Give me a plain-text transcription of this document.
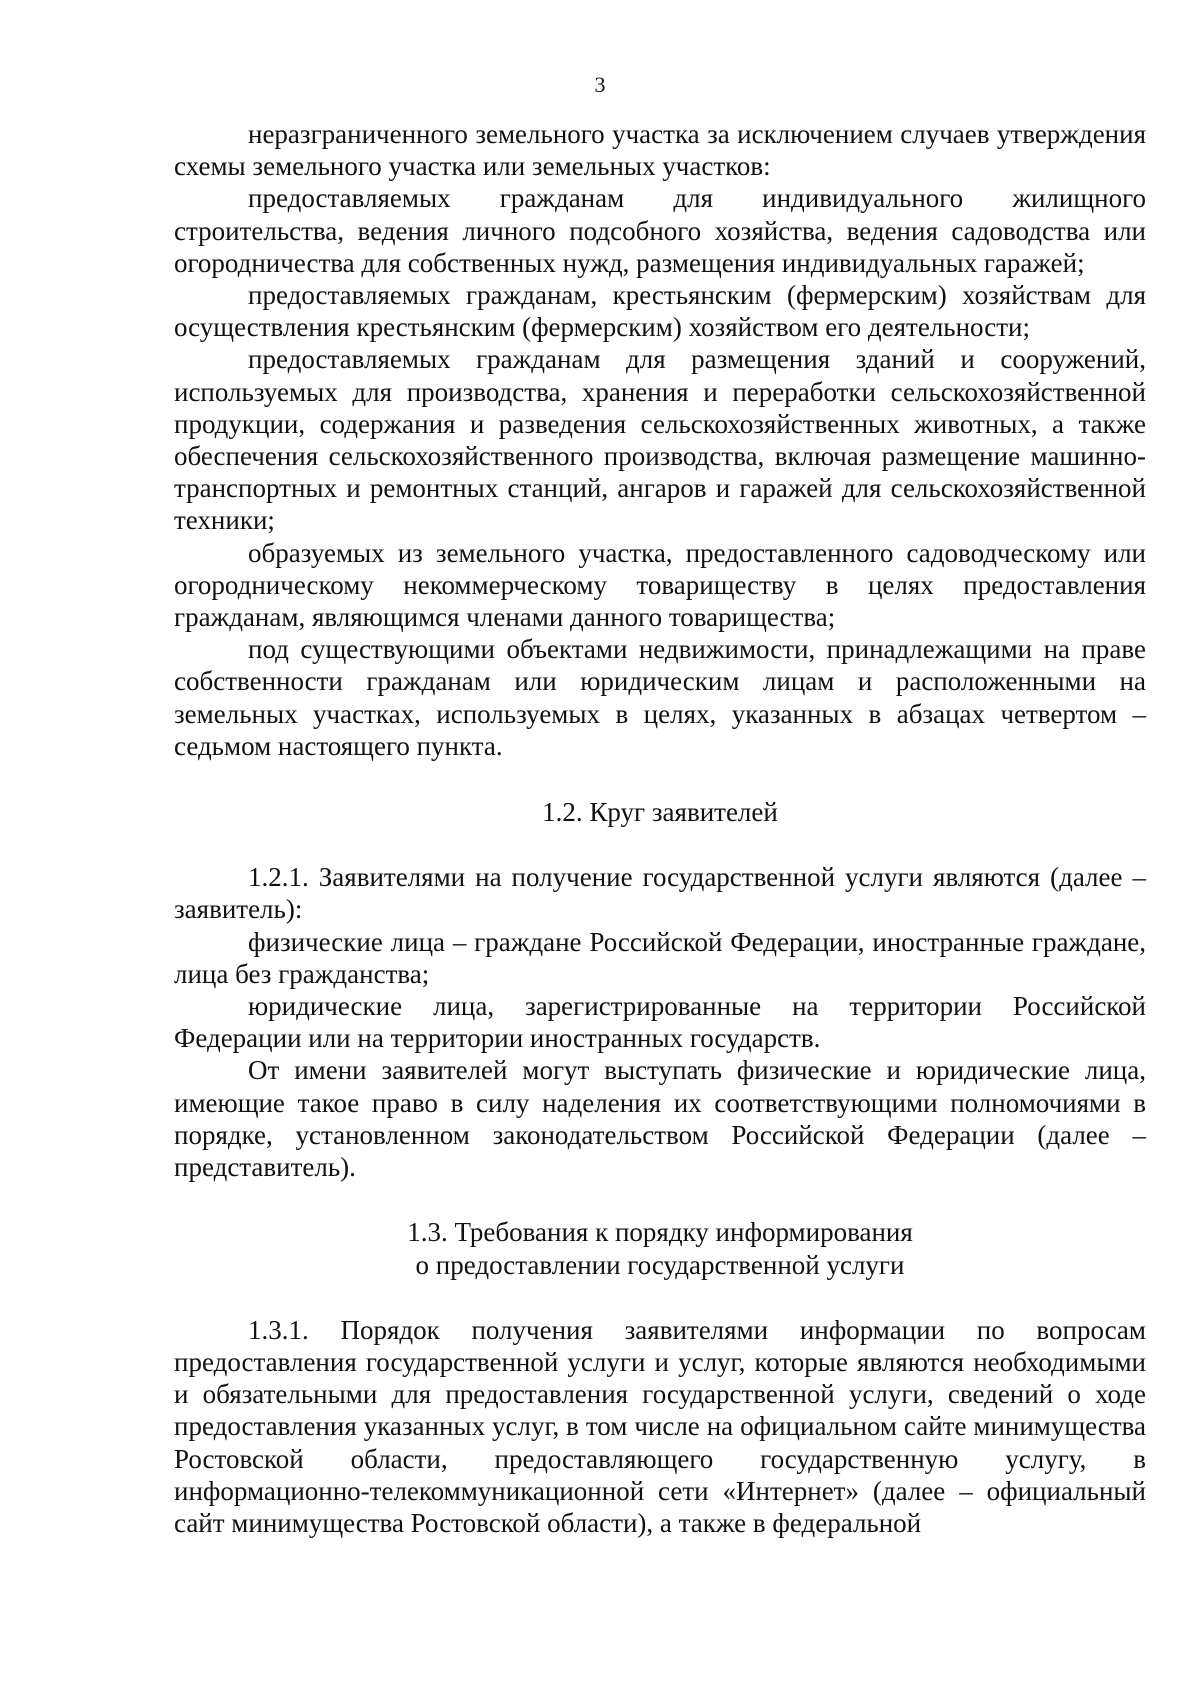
3

неразграниченного земельного участка за исключением случаев утверждения схемы земельного участка или земельных участков:

предоставляемых гражданам для индивидуального жилищного строительства, ведения личного подсобного хозяйства, ведения садоводства или огородничества для собственных нужд, размещения индивидуальных гаражей;

предоставляемых гражданам, крестьянским (фермерским) хозяйствам для осуществления крестьянским (фермерским) хозяйством его деятельности;

предоставляемых гражданам для размещения зданий и сооружений, используемых для производства, хранения и переработки сельскохозяйственной продукции, содержания и разведения сельскохозяйственных животных, а также обеспечения сельскохозяйственного производства, включая размещение машинно-транспортных и ремонтных станций, ангаров и гаражей для сельскохозяйственной техники;

образуемых из земельного участка, предоставленного садоводческому или огородническому некоммерческому товариществу в целях предоставления гражданам, являющимся членами данного товарищества;

под существующими объектами недвижимости, принадлежащими на праве собственности гражданам или юридическим лицам и расположенными на земельных участках, используемых в целях, указанных в абзацах четвертом – седьмом настоящего пункта.

1.2. Круг заявителей

1.2.1. Заявителями на получение государственной услуги являются (далее – заявитель):

физические лица – граждане Российской Федерации, иностранные граждане, лица без гражданства;

юридические лица, зарегистрированные на территории Российской Федерации или на территории иностранных государств.

От имени заявителей могут выступать физические и юридические лица, имеющие такое право в силу наделения их соответствующими полномочиями в порядке, установленном законодательством Российской Федерации (далее – представитель).

1.3. Требования к порядку информирования
о предоставлении государственной услуги

1.3.1. Порядок получения заявителями информации по вопросам предоставления государственной услуги и услуг, которые являются необходимыми и обязательными для предоставления государственной услуги, сведений о ходе предоставления указанных услуг, в том числе на официальном сайте минимущества Ростовской области, предоставляющего государственную услугу, в информационно-телекоммуникационной сети «Интернет» (далее – официальный сайт минимущества Ростовской области), а также в федеральной
